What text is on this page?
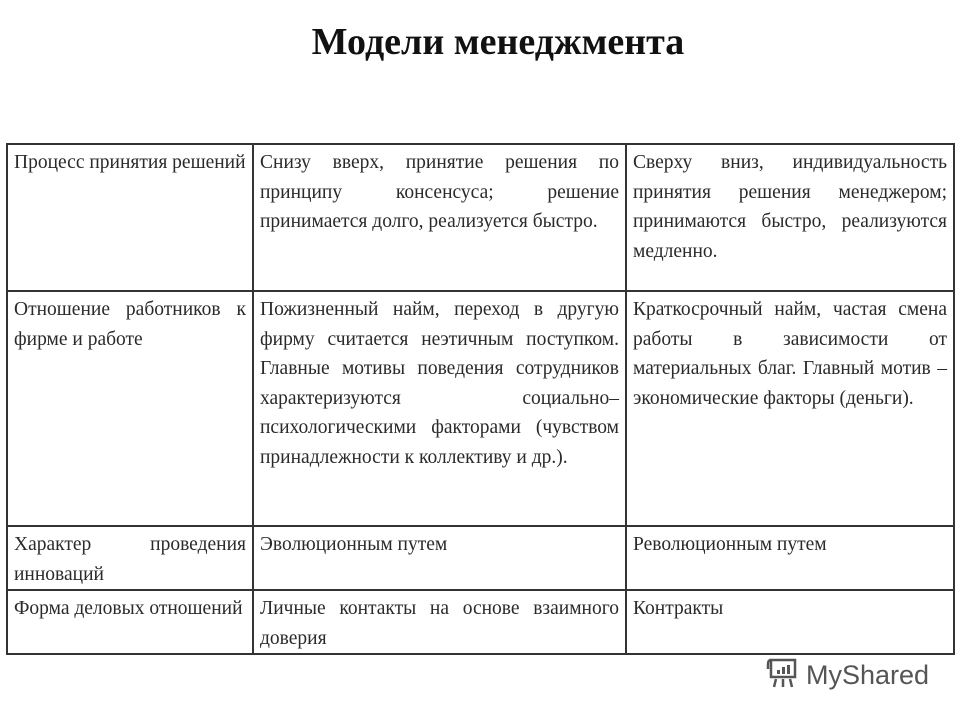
Модели менеджмента
Процесс принятия решений	Снизу вверх, принятие решения по принципу консенсуса; решение принимается долго, реализуется быстро.	Сверху вниз, индивидуальность принятия решения менеджером; принимаются быстро, реализуются медленно.
Отношение работников к фирме и работе	Пожизненный найм, переход в другую фирму считается неэтичным поступком. Главные мотивы поведения сотрудников характеризуются социально–психологическими факторами (чувством принадлежности к коллективу и др.).	Краткосрочный найм, частая смена работы в зависимости от материальных благ. Главный мотив – экономические факторы (деньги).
Характер проведения инноваций	Эволюционным путем	Революционным путем
Форма деловых отношений	Личные контакты на основе взаимного доверия	Контракты
MyShared
